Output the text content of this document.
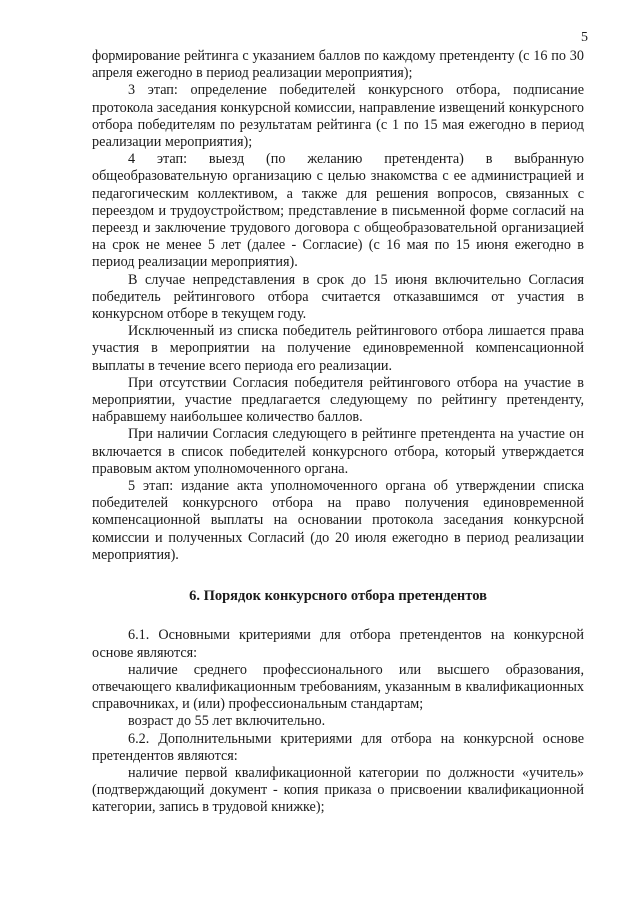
5

формирование рейтинга с указанием баллов по каждому претенденту (с 16 по 30 апреля ежегодно в период реализации мероприятия);

3 этап: определение победителей конкурсного отбора, подписание протокола заседания конкурсной комиссии, направление извещений конкурсного отбора победителям по результатам рейтинга (с 1 по 15 мая ежегодно в период реализации мероприятия);

4 этап: выезд (по желанию претендента) в выбранную общеобразовательную организацию с целью знакомства с ее администрацией и педагогическим коллективом, а также для решения вопросов, связанных с переездом и трудоустройством; представление в письменной форме согласий на переезд и заключение трудового договора с общеобразовательной организацией на срок не менее 5 лет (далее - Согласие) (с 16 мая по 15 июня ежегодно в период реализации мероприятия).

В случае непредставления в срок до 15 июня включительно Согласия победитель рейтингового отбора считается отказавшимся от участия в конкурсном отборе в текущем году.

Исключенный из списка победитель рейтингового отбора лишается права участия в мероприятии на получение единовременной компенсационной выплаты в течение всего периода его реализации.

При отсутствии Согласия победителя рейтингового отбора на участие в мероприятии, участие предлагается следующему по рейтингу претенденту, набравшему наибольшее количество баллов.

При наличии Согласия следующего в рейтинге претендента на участие он включается в список победителей конкурсного отбора, который утверждается правовым актом уполномоченного органа.

5 этап: издание акта уполномоченного органа об утверждении списка победителей конкурсного отбора на право получения единовременной компенсационной выплаты на основании протокола заседания конкурсной комиссии и полученных Согласий (до 20 июля ежегодно в период реализации мероприятия).

6. Порядок конкурсного отбора претендентов

6.1. Основными критериями для отбора претендентов на конкурсной основе являются:

наличие среднего профессионального или высшего образования, отвечающего квалификационным требованиям, указанным в квалификационных справочниках, и (или) профессиональным стандартам;

возраст до 55 лет включительно.

6.2. Дополнительными критериями для отбора на конкурсной основе претендентов являются:

наличие первой квалификационной категории по должности «учитель» (подтверждающий документ - копия приказа о присвоении квалификационной категории, запись в трудовой книжке);
